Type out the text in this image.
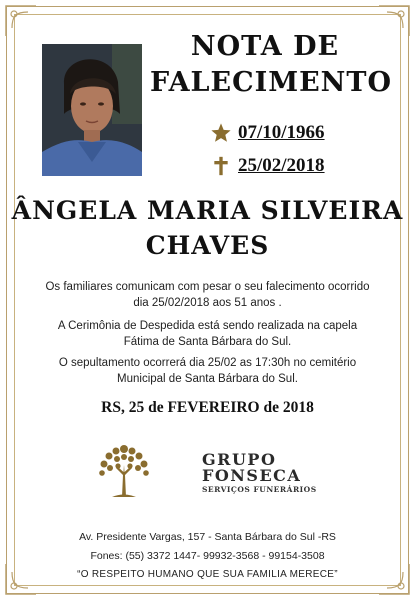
NOTA DE
FALECIMENTO
07/10/1966
25/02/2018
ÂNGELA MARIA SILVEIRA
CHAVES
Os familiares comunicam com pesar o seu falecimento ocorrido
dia 25/02/2018 aos 51 anos .
A Cerimônia de Despedida está sendo realizada na capela
Fátima de Santa Bárbara do Sul.
O sepultamento ocorrerá dia 25/02 as 17:30h no cemitério
Municipal de Santa Bárbara do Sul.
RS, 25 de FEVEREIRO de 2018
GRUPO
FONSECA
SERVIÇOS FUNERÁRIOS
Av. Presidente Vargas, 157 - Santa Bárbara do Sul -RS
Fones: (55) 3372 1447- 99932-3568 - 99154-3508
“O RESPEITO HUMANO QUE SUA FAMILIA MERECE”
